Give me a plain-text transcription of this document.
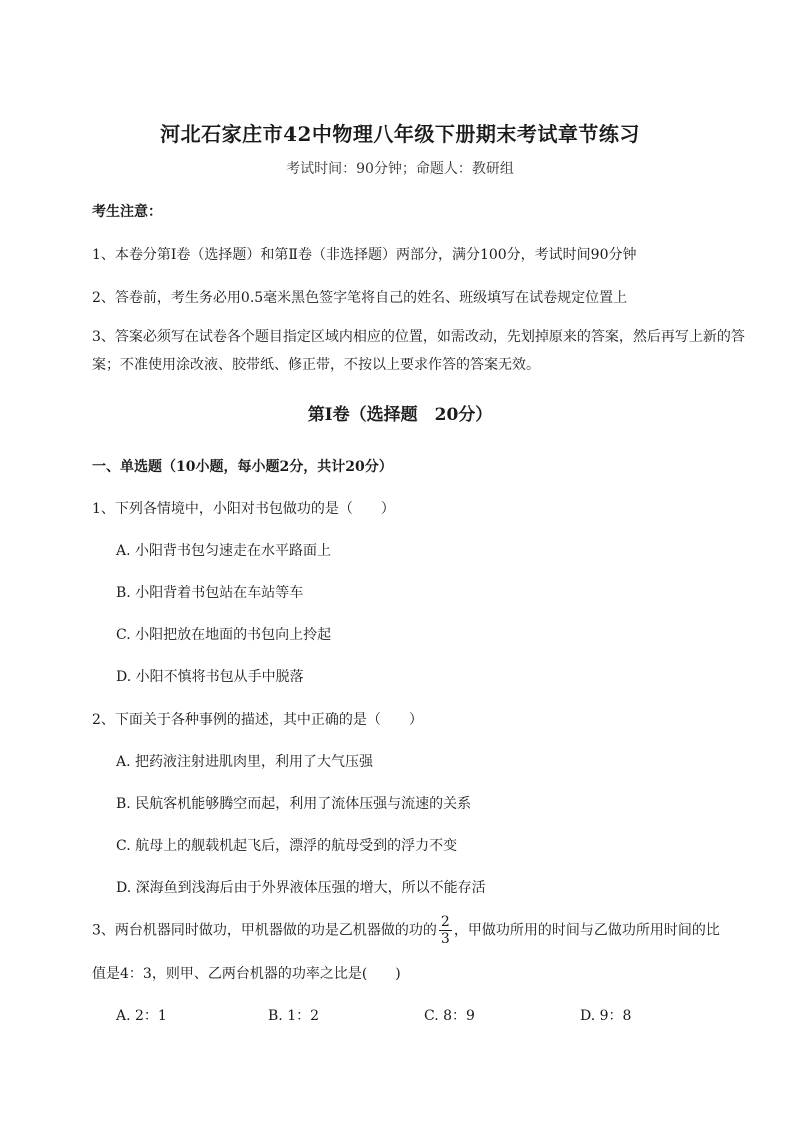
河北石家庄市42中物理八年级下册期末考试章节练习
考试时间：90分钟；命题人：教研组
考生注意：
1、本卷分第I卷（选择题）和第Ⅱ卷（非选择题）两部分，满分100分，考试时间90分钟
2、答卷前，考生务必用0.5毫米黑色签字笔将自己的姓名、班级填写在试卷规定位置上
3、答案必须写在试卷各个题目指定区域内相应的位置，如需改动，先划掉原来的答案，然后再写上新的答案；不准使用涂改液、胶带纸、修正带，不按以上要求作答的答案无效。
第I卷（选择题　20分）
一、单选题（10小题，每小题2分，共计20分）
1、下列各情境中，小阳对书包做功的是（　　）
A. 小阳背书包匀速走在水平路面上
B. 小阳背着书包站在车站等车
C. 小阳把放在地面的书包向上拎起
D. 小阳不慎将书包从手中脱落
2、下面关于各种事例的描述，其中正确的是（　　）
A. 把药液注射进肌肉里，利用了大气压强
B. 民航客机能够腾空而起，利用了流体压强与流速的关系
C. 航母上的舰载机起飞后，漂浮的航母受到的浮力不变
D. 深海鱼到浅海后由于外界液体压强的增大，所以不能存活
3、两台机器同时做功，甲机器做的功是乙机器做的功的 $\frac{2}{3}$ ，甲做功所用的时间与乙做功所用时间的比
值是4：3，则甲、乙两台机器的功率之比是(　　)
A. 2：1	B. 1：2	C. 8：9	D. 9：8
